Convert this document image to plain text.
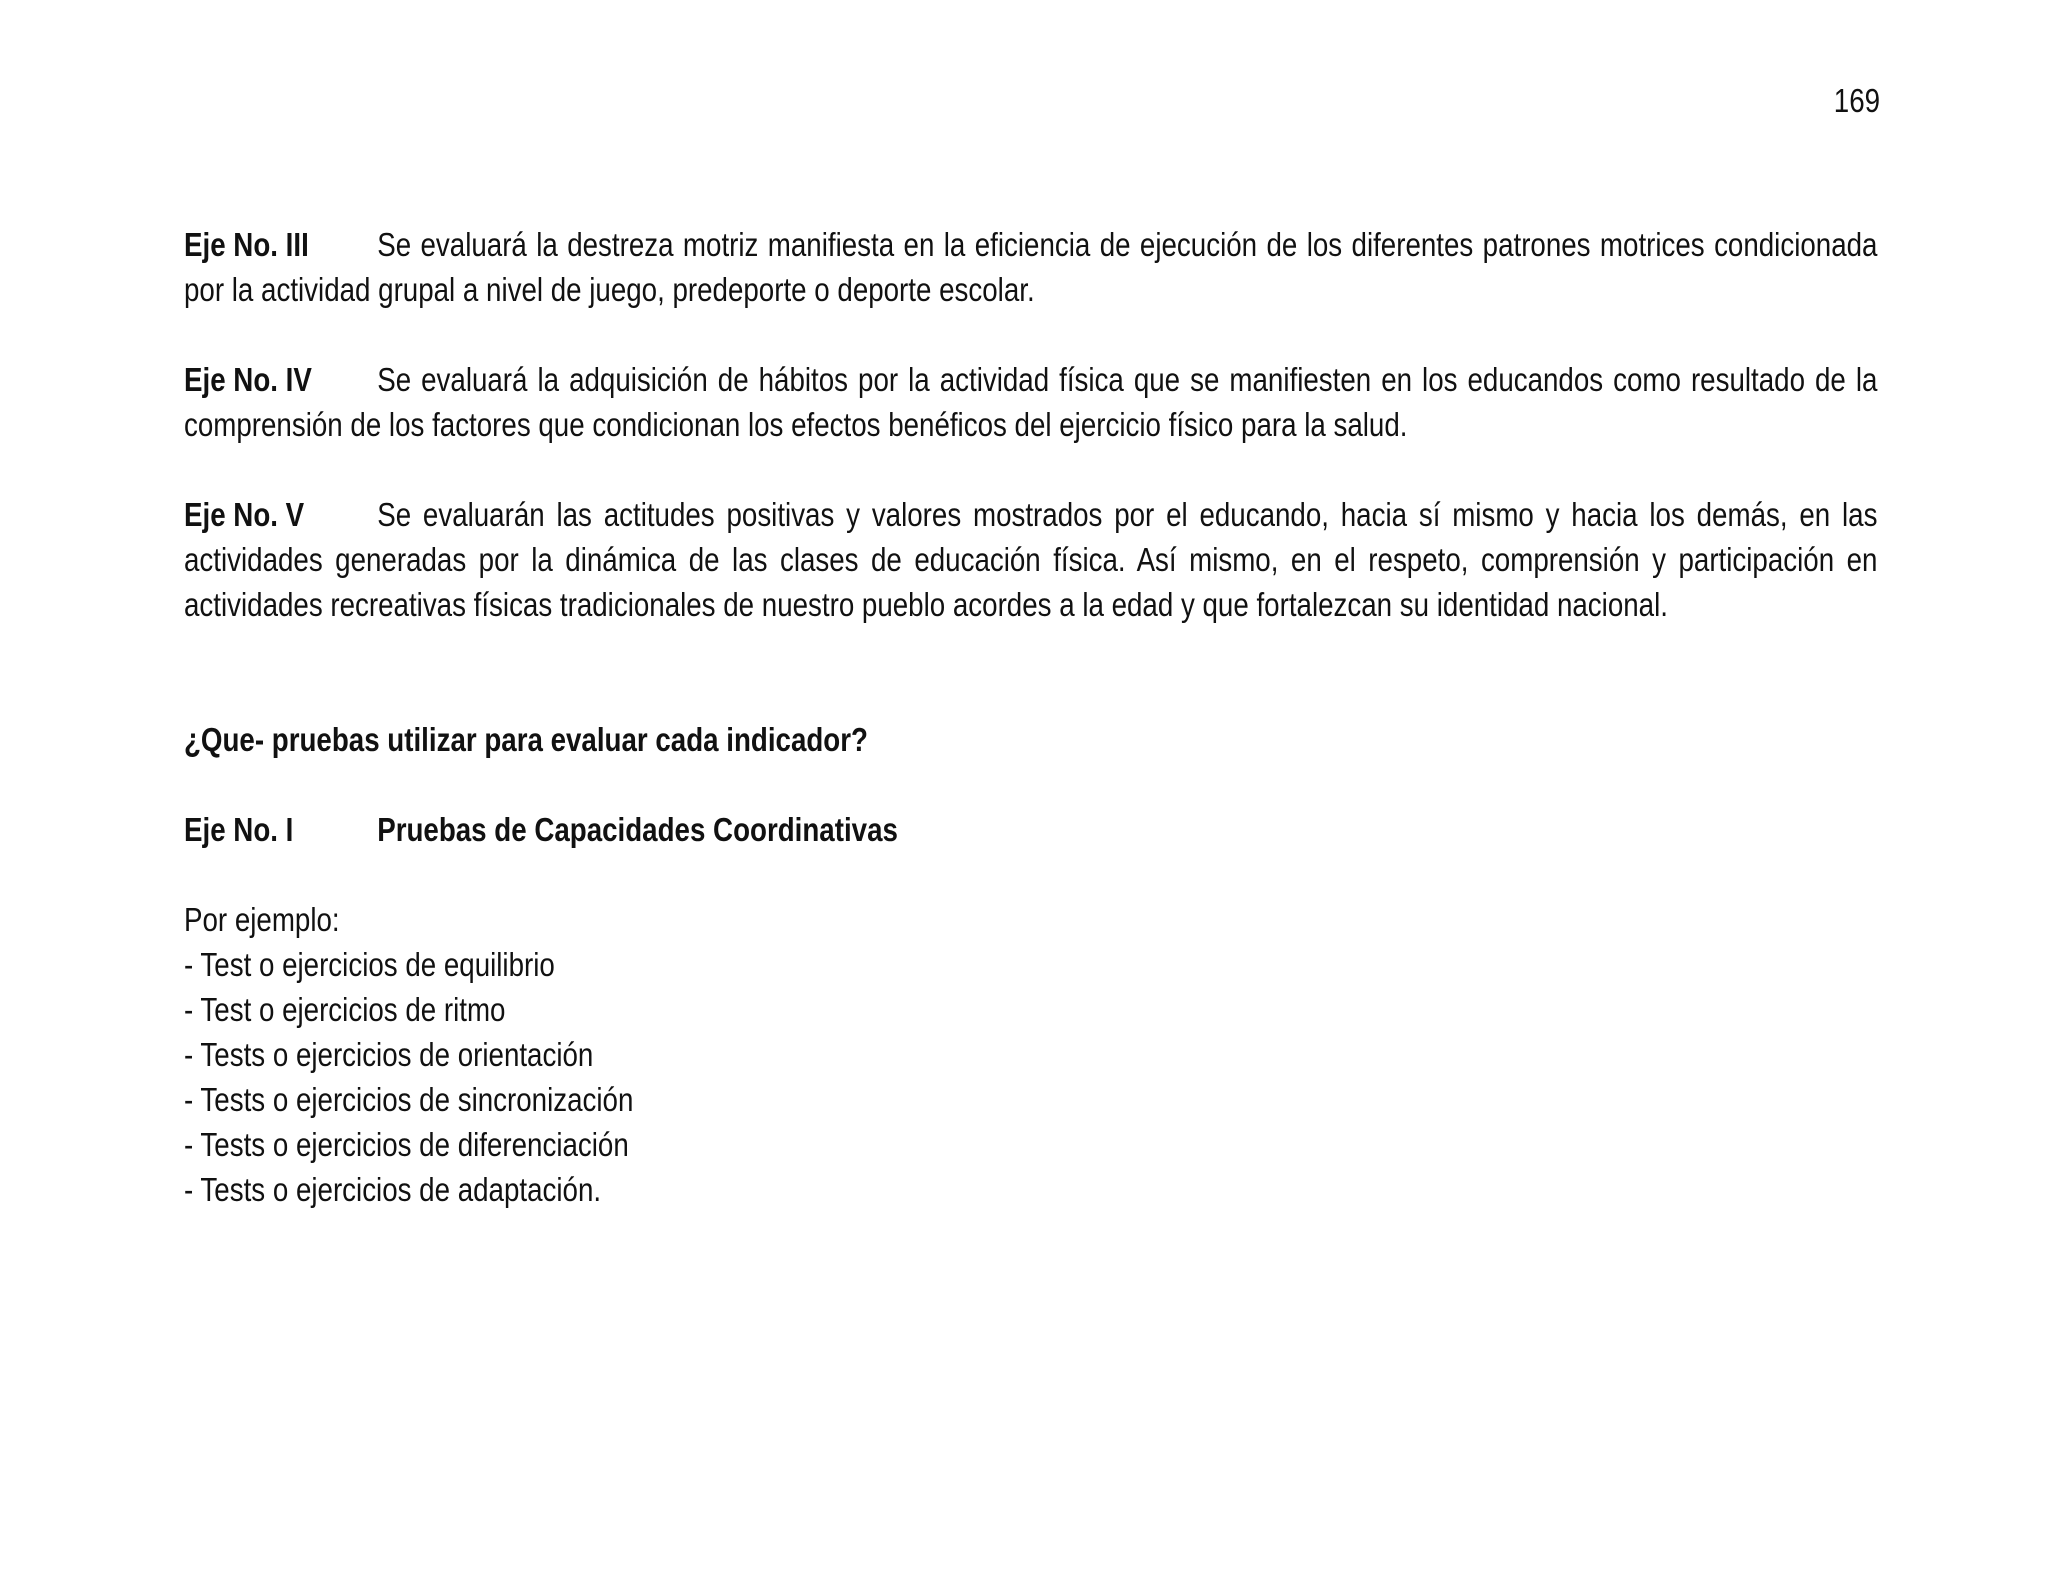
169

Eje No. III Se evaluará la destreza motriz manifiesta en la eficiencia de ejecución de los diferentes patrones motrices condicionada por la actividad grupal a nivel de juego, predeporte o deporte escolar.

Eje No. IV Se evaluará la adquisición de hábitos por la actividad física que se manifiesten en los educandos como resultado de la comprensión de los factores que condicionan los efectos benéficos del ejercicio físico para la salud.

Eje No. V Se evaluarán las actitudes positivas y valores mostrados por el educando, hacia sí mismo y hacia los demás, en las actividades generadas por la dinámica de las clases de educación física. Así mismo, en el respeto, comprensión y participación en actividades recreativas físicas tradicionales de nuestro pueblo acordes a la edad y que fortalezcan su identidad nacional.

¿Que- pruebas utilizar para evaluar cada indicador?

Eje No. I	Pruebas de Capacidades Coordinativas

Por ejemplo:

- Test o ejercicios de equilibrio
- Test o ejercicios de ritmo
- Tests o ejercicios de orientación
- Tests o ejercicios de sincronización
- Tests o ejercicios de diferenciación
- Tests o ejercicios de adaptación.
